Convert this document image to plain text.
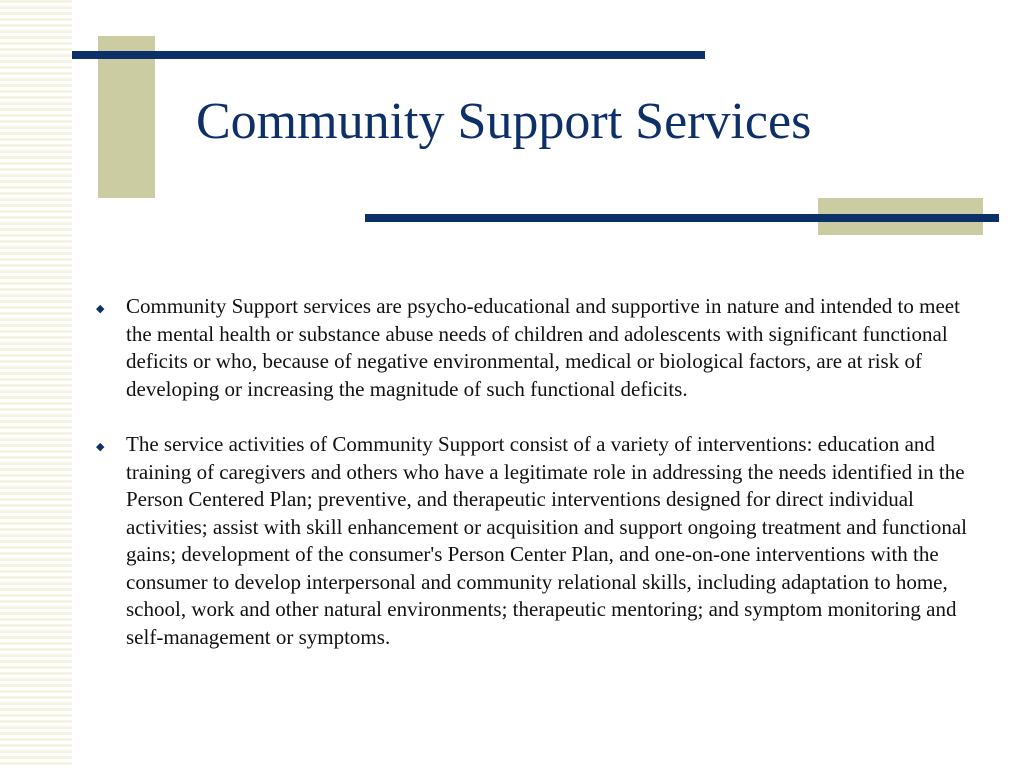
Community Support Services
◆ Community Support services are psycho-educational and supportive in nature and intended to meet the mental health or substance abuse needs of children and adolescents with significant functional deficits or who, because of negative environmental, medical or biological factors, are at risk of developing or increasing the magnitude of such functional deficits.
◆ The service activities of Community Support consist of a variety of interventions: education and training of caregivers and others who have a legitimate role in addressing the needs identified in the Person Centered Plan; preventive, and therapeutic interventions designed for direct individual activities; assist with skill enhancement or acquisition and support ongoing treatment and functional gains; development of the consumer's Person Center Plan, and one-on-one interventions with the consumer to develop interpersonal and community relational skills, including adaptation to home, school, work and other natural environments; therapeutic mentoring; and symptom monitoring and self-management or symptoms.
